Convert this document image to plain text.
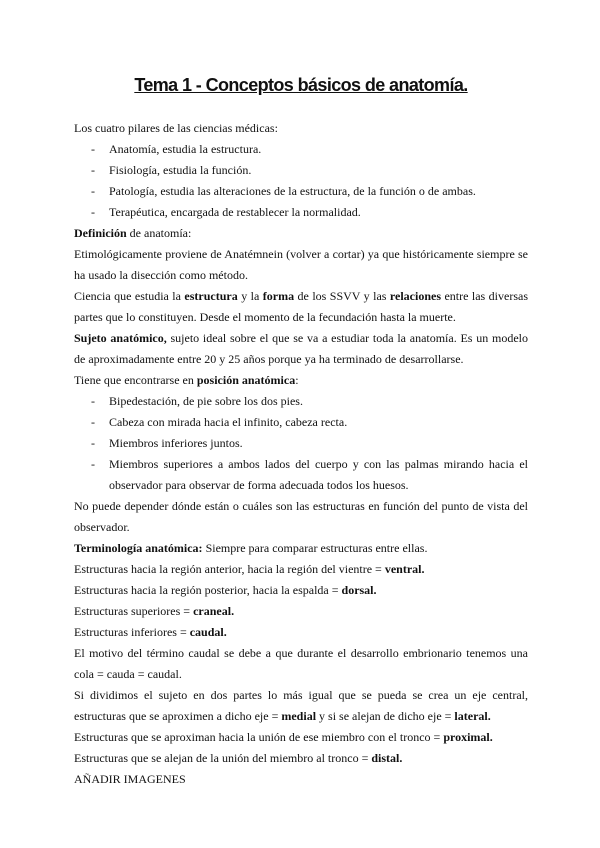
Tema 1 - Conceptos básicos de anatomía.

Los cuatro pilares de las ciencias médicas:

- Anatomía, estudia la estructura.
- Fisiología, estudia la función.
- Patología, estudia las alteraciones de la estructura, de la función o de ambas.
- Terapéutica, encargada de restablecer la normalidad.

Definición de anatomía:

Etimológicamente proviene de Anatémnein (volver a cortar) ya que históricamente siempre se ha usado la disección como método.

Ciencia que estudia la estructura y la forma de los SSVV y las relaciones entre las diversas partes que lo constituyen. Desde el momento de la fecundación hasta la muerte.

Sujeto anatómico, sujeto ideal sobre el que se va a estudiar toda la anatomía. Es un modelo de aproximadamente entre 20 y 25 años porque ya ha terminado de desarrollarse.

Tiene que encontrarse en posición anatómica:

- Bipedestación, de pie sobre los dos pies.
- Cabeza con mirada hacia el infinito, cabeza recta.
- Miembros inferiores juntos.
- Miembros superiores a ambos lados del cuerpo y con las palmas mirando hacia el observador para observar de forma adecuada todos los huesos.

No puede depender dónde están o cuáles son las estructuras en función del punto de vista del observador.

Terminología anatómica: Siempre para comparar estructuras entre ellas.

Estructuras hacia la región anterior, hacia la región del vientre = ventral.

Estructuras hacia la región posterior, hacia la espalda = dorsal.

Estructuras superiores = craneal.

Estructuras inferiores = caudal.

El motivo del término caudal se debe a que durante el desarrollo embrionario tenemos una cola = cauda = caudal.

Si dividimos el sujeto en dos partes lo más igual que se pueda se crea un eje central, estructuras que se aproximen a dicho eje = medial y si se alejan de dicho eje = lateral.

Estructuras que se aproximan hacia la unión de ese miembro con el tronco = proximal.

Estructuras que se alejan de la unión del miembro al tronco = distal.

AÑADIR IMAGENES
